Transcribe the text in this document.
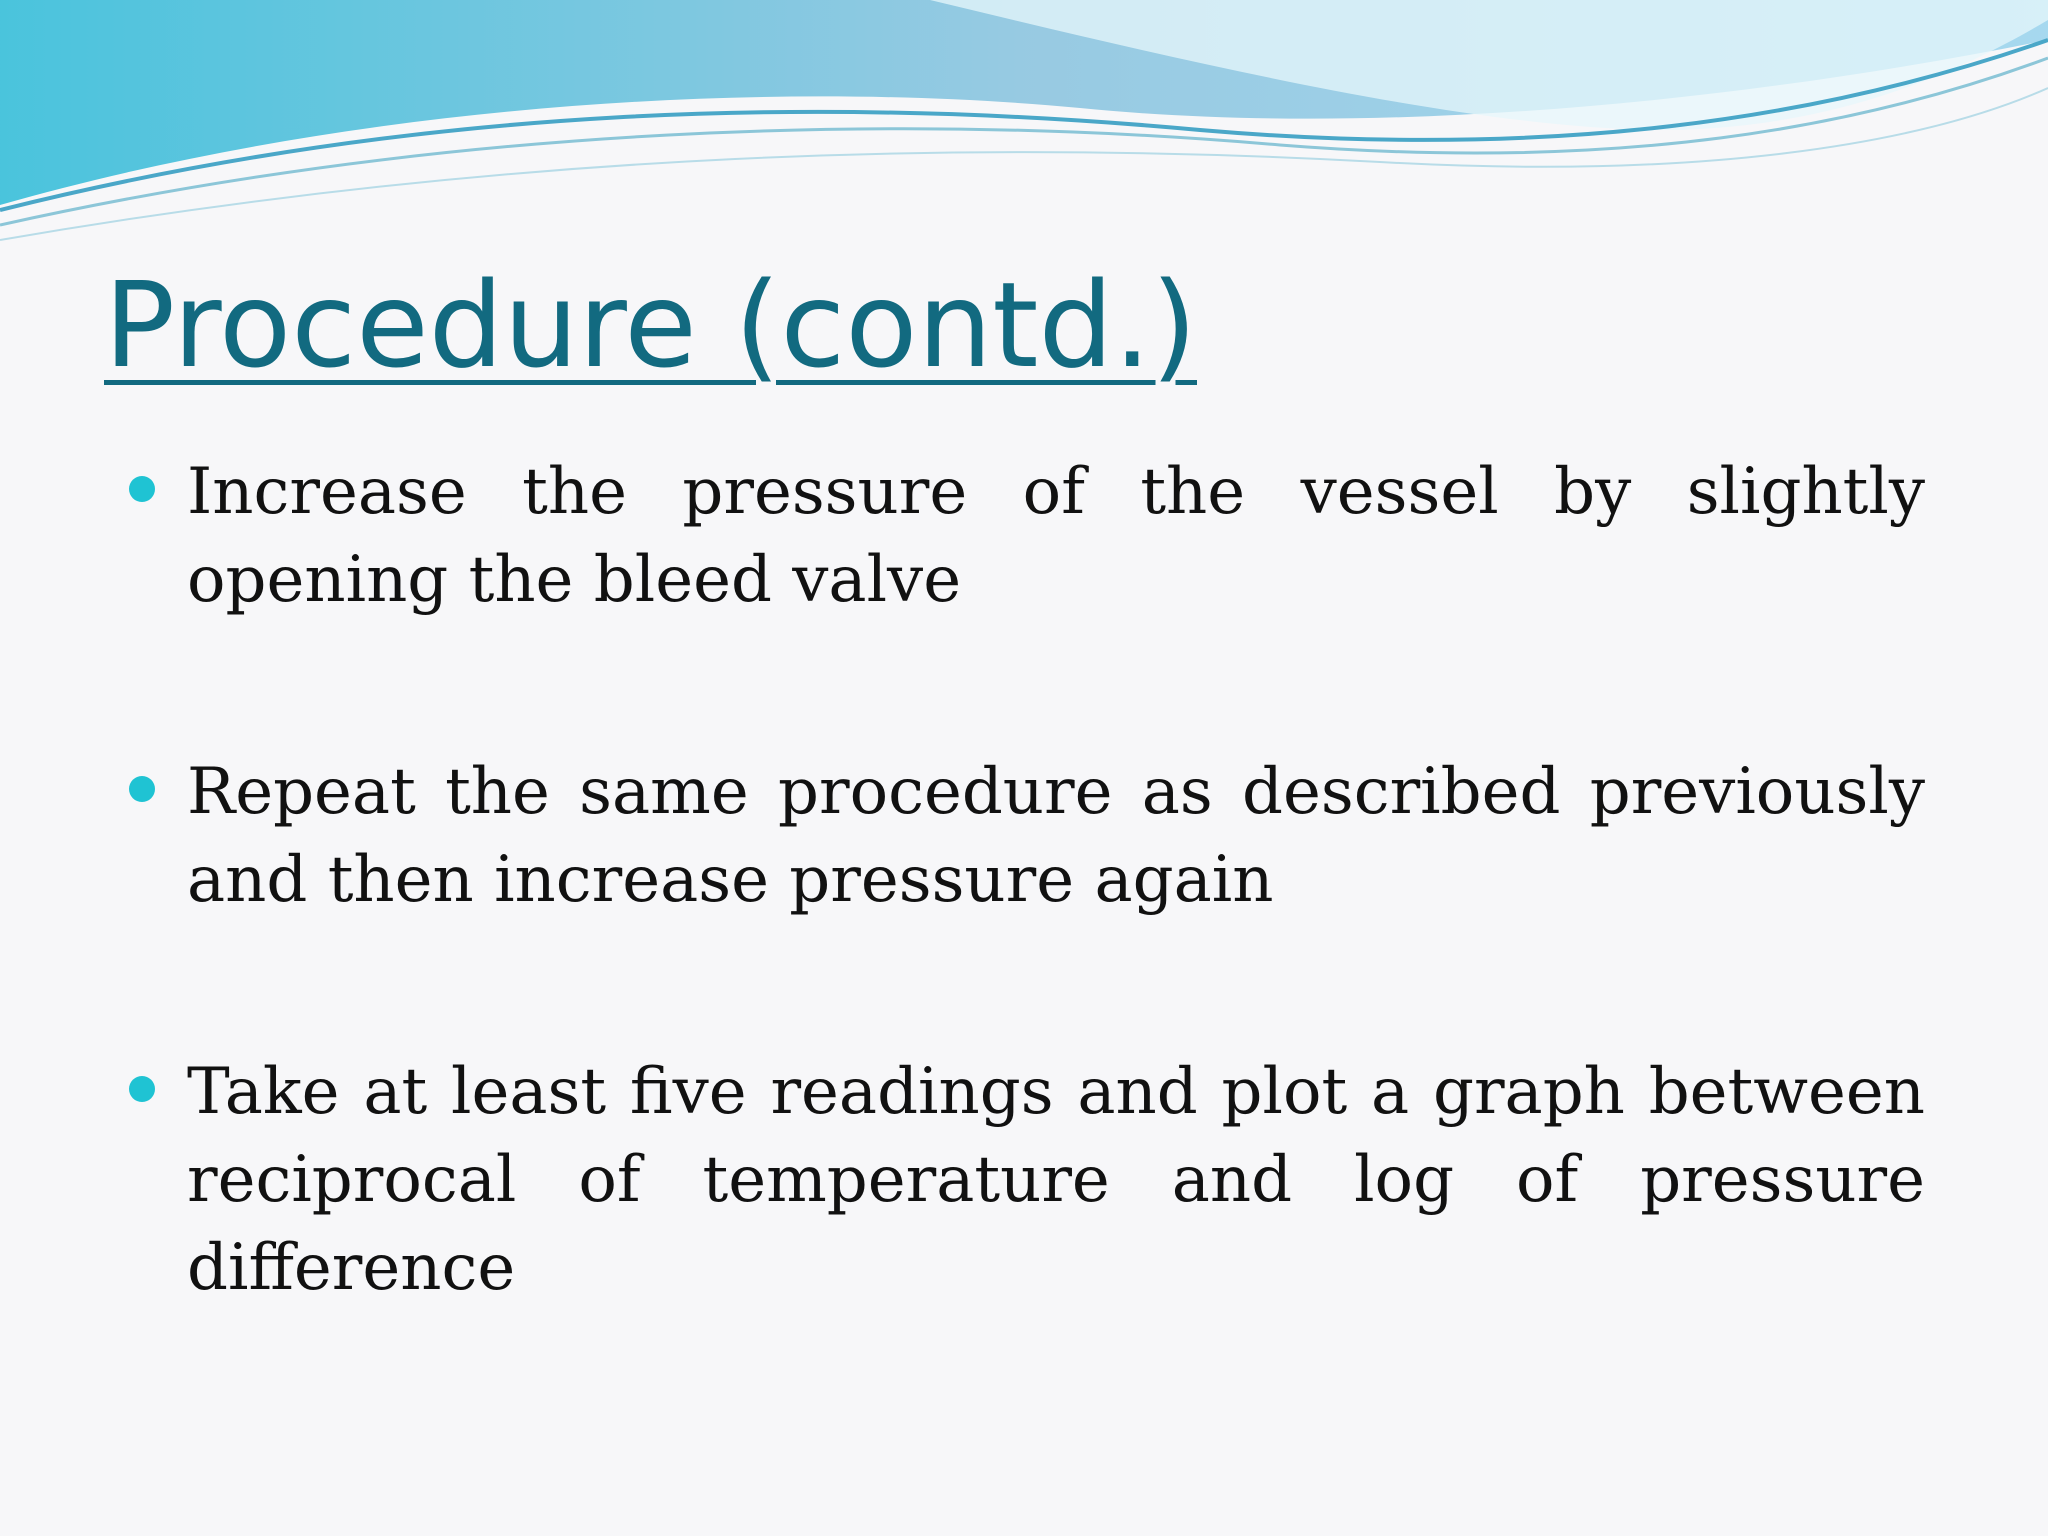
Procedure (contd.)
Increase the pressure of the vessel by slightly opening the bleed valve
Repeat the same procedure as described previously and then increase pressure again
Take at least five readings and plot a graph between reciprocal of temperature and log of pressure difference
